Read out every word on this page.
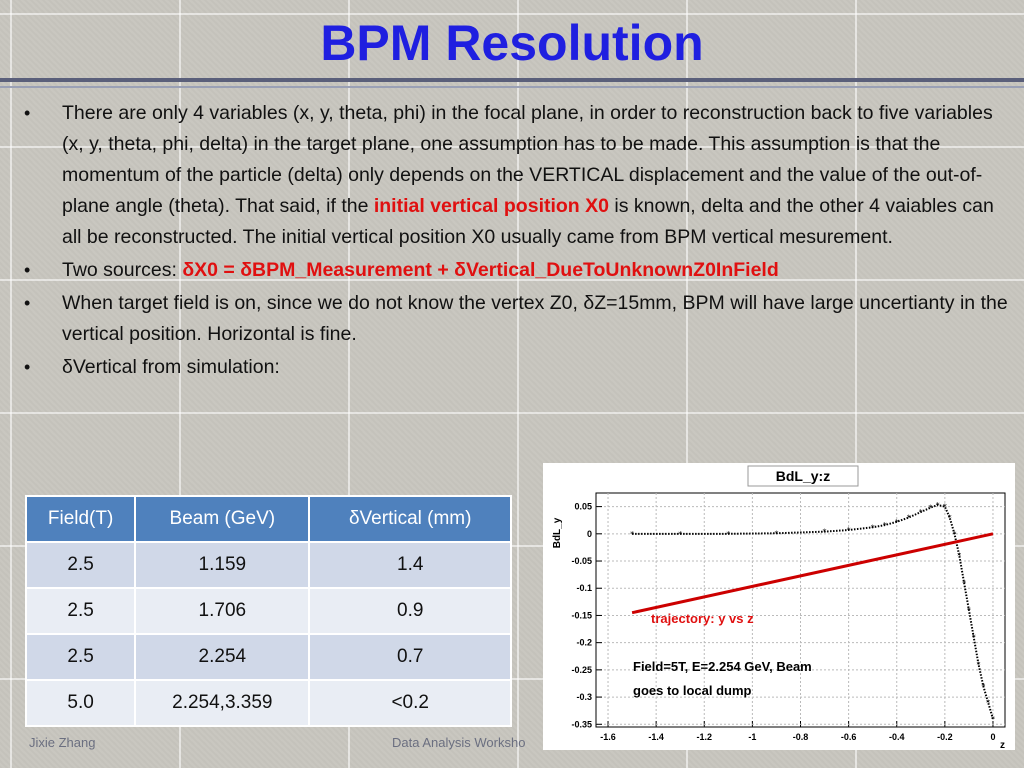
BPM Resolution
• There are only 4 variables (x, y, theta, phi) in the focal plane, in order to reconstruction back to five variables (x, y, theta, phi, delta) in the target plane, one assumption has to be made. This assumption is that the momentum of the particle (delta) only depends on the VERTICAL displacement and the value of the out-of-plane angle (theta). That said, if the initial vertical position X0 is known, delta and the other 4 vaiables can all be reconstructed. The initial vertical position X0 usually came from BPM vertical mesurement.
• Two sources: δX0 = δBPM_Measurement + δVertical_DueToUnknownZ0InField
• When target field is on, since we do not know the vertex Z0, δZ=15mm, BPM will have large uncertianty in the vertical position. Horizontal is fine.
• δVertical from simulation:
Field(T)	Beam (GeV)	δVertical (mm)
2.5	1.159	1.4
2.5	1.706	0.9
2.5	2.254	0.7
5.0	2.254,3.359	<0.2
-1.6	-1.4	-1.2	-1	-0.8	-0.6	-0.4	-0.2	0
0.05
0
-0.05
-0.1
-0.15
-0.2
-0.25
-0.3
-0.35
BdL_y:z
z
BdL_y	*	*	*	*	*	*	* * * *
* * * *
*
*
*
*
*
*
*
*
*
*
trajectory: y vs z
Field=5T, E=2.254 GeV, Beam
goes to local dump
Jixie Zhang	Data Analysis Worksho
